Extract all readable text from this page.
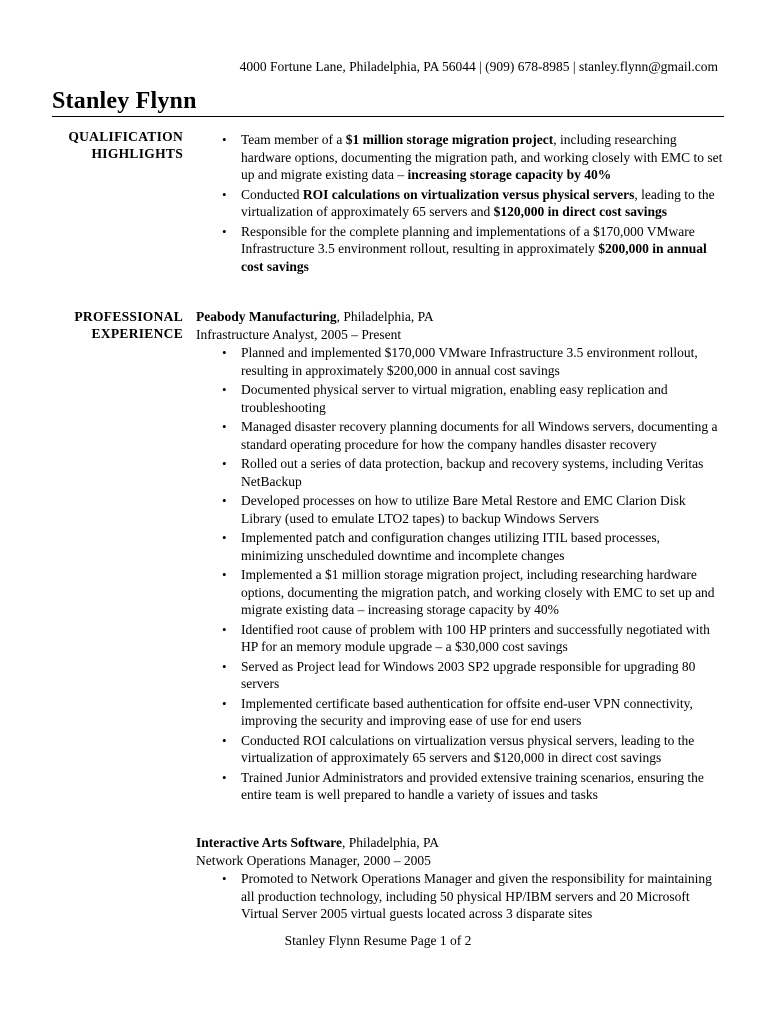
4000 Fortune Lane, Philadelphia, PA 56044 | (909) 678-8985 | stanley.flynn@gmail.com
Stanley Flynn
QUALIFICATION
HIGHLIGHTS
• Team member of a $1 million storage migration project, including researching hardware options, documenting the migration path, and working closely with EMC to set up and migrate existing data – increasing storage capacity by 40%
• Conducted ROI calculations on virtualization versus physical servers, leading to the virtualization of approximately 65 servers and $120,000 in direct cost savings
• Responsible for the complete planning and implementations of a $170,000 VMware Infrastructure 3.5 environment rollout, resulting in approximately $200,000 in annual cost savings
PROFESSIONAL
EXPERIENCE
Peabody Manufacturing, Philadelphia, PA
Infrastructure Analyst, 2005 – Present
• Planned and implemented $170,000 VMware Infrastructure 3.5 environment rollout, resulting in approximately $200,000 in annual cost savings
• Documented physical server to virtual migration, enabling easy replication and troubleshooting
• Managed disaster recovery planning documents for all Windows servers, documenting a standard operating procedure for how the company handles disaster recovery
• Rolled out a series of data protection, backup and recovery systems, including Veritas NetBackup
• Developed processes on how to utilize Bare Metal Restore and EMC Clarion Disk Library (used to emulate LTO2 tapes) to backup Windows Servers
• Implemented patch and configuration changes utilizing ITIL based processes, minimizing unscheduled downtime and incomplete changes
• Implemented a $1 million storage migration project, including researching hardware options, documenting the migration patch, and working closely with EMC to set up and migrate existing data – increasing storage capacity by 40%
• Identified root cause of problem with 100 HP printers and successfully negotiated with HP for an memory module upgrade – a $30,000 cost savings
• Served as Project lead for Windows 2003 SP2 upgrade responsible for upgrading 80 servers
• Implemented certificate based authentication for offsite end-user VPN connectivity, improving the security and improving ease of use for end users
• Conducted ROI calculations on virtualization versus physical servers, leading to the virtualization of approximately 65 servers and $120,000 in direct cost savings
• Trained Junior Administrators and provided extensive training scenarios, ensuring the entire team is well prepared to handle a variety of issues and tasks
Interactive Arts Software, Philadelphia, PA
Network Operations Manager, 2000 – 2005
• Promoted to Network Operations Manager and given the responsibility for maintaining all production technology, including 50 physical HP/IBM servers and 20 Microsoft Virtual Server 2005 virtual guests located across 3 disparate sites
Stanley Flynn Resume Page 1 of 2
